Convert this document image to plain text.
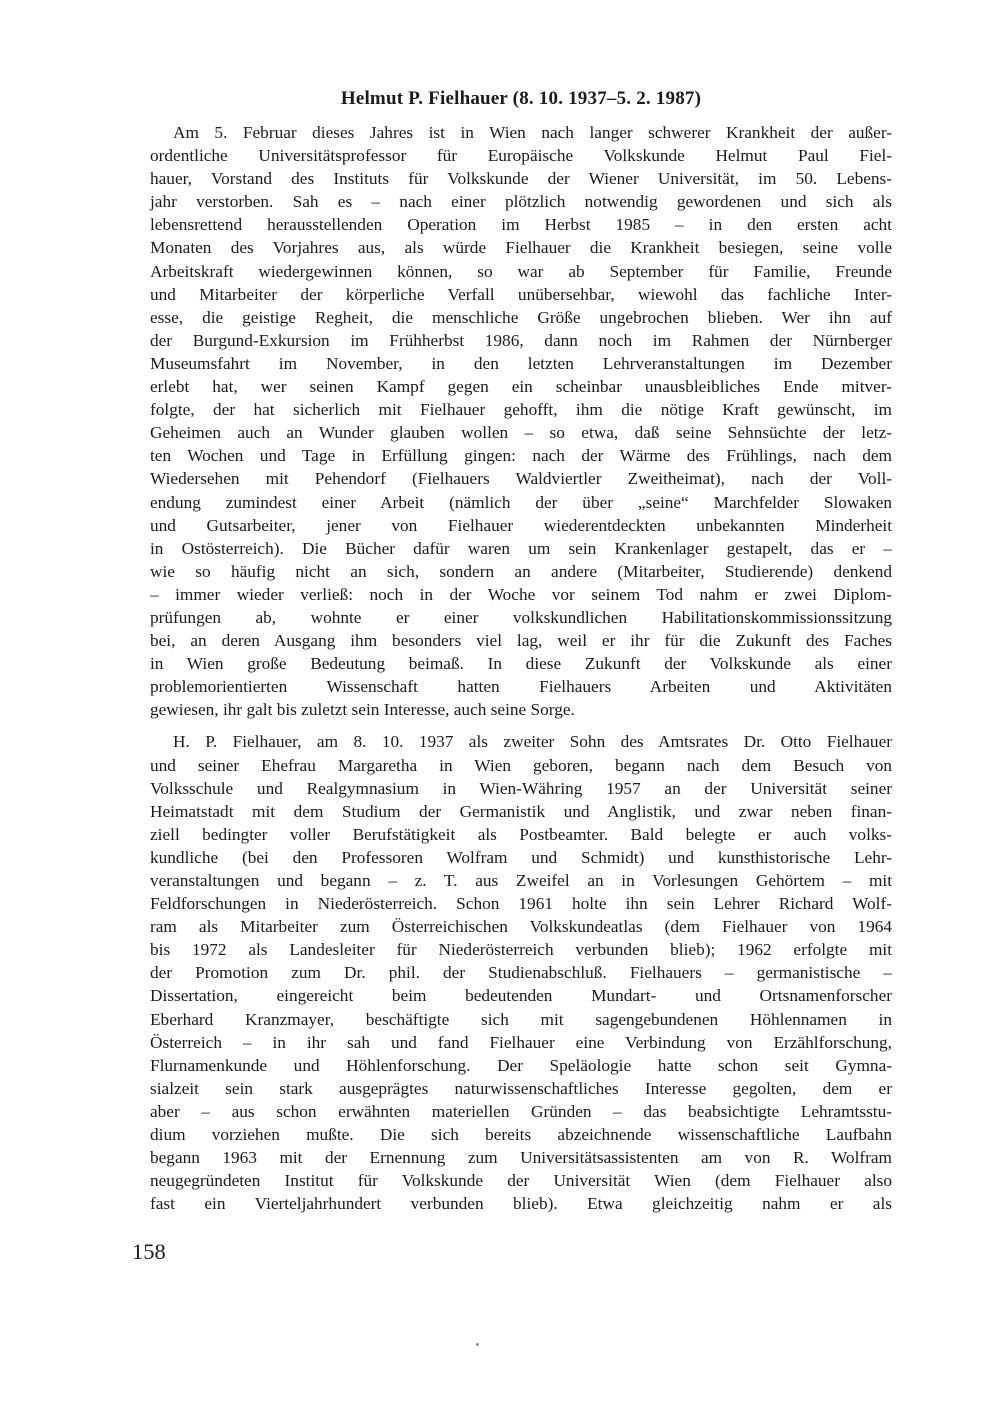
Helmut P. Fielhauer (8. 10. 1937–5. 2. 1987)
Am 5. Februar dieses Jahres ist in Wien nach langer schwerer Krankheit der außer-
ordentliche Universitätsprofessor für Europäische Volkskunde Helmut Paul Fiel-
hauer, Vorstand des Instituts für Volkskunde der Wiener Universität, im 50. Lebens-
jahr verstorben. Sah es – nach einer plötzlich notwendig gewordenen und sich als
lebensrettend herausstellenden Operation im Herbst 1985 – in den ersten acht
Monaten des Vorjahres aus, als würde Fielhauer die Krankheit besiegen, seine volle
Arbeitskraft wiedergewinnen können, so war ab September für Familie, Freunde
und Mitarbeiter der körperliche Verfall unübersehbar, wiewohl das fachliche Inter-
esse, die geistige Regheit, die menschliche Größe ungebrochen blieben. Wer ihn auf
der Burgund-Exkursion im Frühherbst 1986, dann noch im Rahmen der Nürnberger
Museumsfahrt im November, in den letzten Lehrveranstaltungen im Dezember
erlebt hat, wer seinen Kampf gegen ein scheinbar unausbleibliches Ende mitver-
folgte, der hat sicherlich mit Fielhauer gehofft, ihm die nötige Kraft gewünscht, im
Geheimen auch an Wunder glauben wollen – so etwa, daß seine Sehnsüchte der letz-
ten Wochen und Tage in Erfüllung gingen: nach der Wärme des Frühlings, nach dem
Wiedersehen mit Pehendorf (Fielhauers Waldviertler Zweitheimat), nach der Voll-
endung zumindest einer Arbeit (nämlich der über „seine“ Marchfelder Slowaken
und Gutsarbeiter, jener von Fielhauer wiederentdeckten unbekannten Minderheit
in Ostösterreich). Die Bücher dafür waren um sein Krankenlager gestapelt, das er –
wie so häufig nicht an sich, sondern an andere (Mitarbeiter, Studierende) denkend
– immer wieder verließ: noch in der Woche vor seinem Tod nahm er zwei Diplom-
prüfungen ab, wohnte er einer volkskundlichen Habilitationskommissionssitzung
bei, an deren Ausgang ihm besonders viel lag, weil er ihr für die Zukunft des Faches
in Wien große Bedeutung beimaß. In diese Zukunft der Volkskunde als einer
problemorientierten Wissenschaft hatten Fielhauers Arbeiten und Aktivitäten
gewiesen, ihr galt bis zuletzt sein Interesse, auch seine Sorge.
H. P. Fielhauer, am 8. 10. 1937 als zweiter Sohn des Amtsrates Dr. Otto Fielhauer
und seiner Ehefrau Margaretha in Wien geboren, begann nach dem Besuch von
Volksschule und Realgymnasium in Wien-Währing 1957 an der Universität seiner
Heimatstadt mit dem Studium der Germanistik und Anglistik, und zwar neben finan-
ziell bedingter voller Berufstätigkeit als Postbeamter. Bald belegte er auch volks-
kundliche (bei den Professoren Wolfram und Schmidt) und kunsthistorische Lehr-
veranstaltungen und begann – z. T. aus Zweifel an in Vorlesungen Gehörtem – mit
Feldforschungen in Niederösterreich. Schon 1961 holte ihn sein Lehrer Richard Wolf-
ram als Mitarbeiter zum Österreichischen Volkskundeatlas (dem Fielhauer von 1964
bis 1972 als Landesleiter für Niederösterreich verbunden blieb); 1962 erfolgte mit
der Promotion zum Dr. phil. der Studienabschluß. Fielhauers – germanistische –
Dissertation, eingereicht beim bedeutenden Mundart- und Ortsnamenforscher
Eberhard Kranzmayer, beschäftigte sich mit sagengebundenen Höhlennamen in
Österreich – in ihr sah und fand Fielhauer eine Verbindung von Erzählforschung,
Flurnamenkunde und Höhlenforschung. Der Speläologie hatte schon seit Gymna-
sialzeit sein stark ausgeprägtes naturwissenschaftliches Interesse gegolten, dem er
aber – aus schon erwähnten materiellen Gründen – das beabsichtigte Lehramtsstu-
dium vorziehen mußte. Die sich bereits abzeichnende wissenschaftliche Laufbahn
begann 1963 mit der Ernennung zum Universitätsassistenten am von R. Wolfram
neugegründeten Institut für Volkskunde der Universität Wien (dem Fielhauer also
fast ein Vierteljahrhundert verbunden blieb). Etwa gleichzeitig nahm er als
158
